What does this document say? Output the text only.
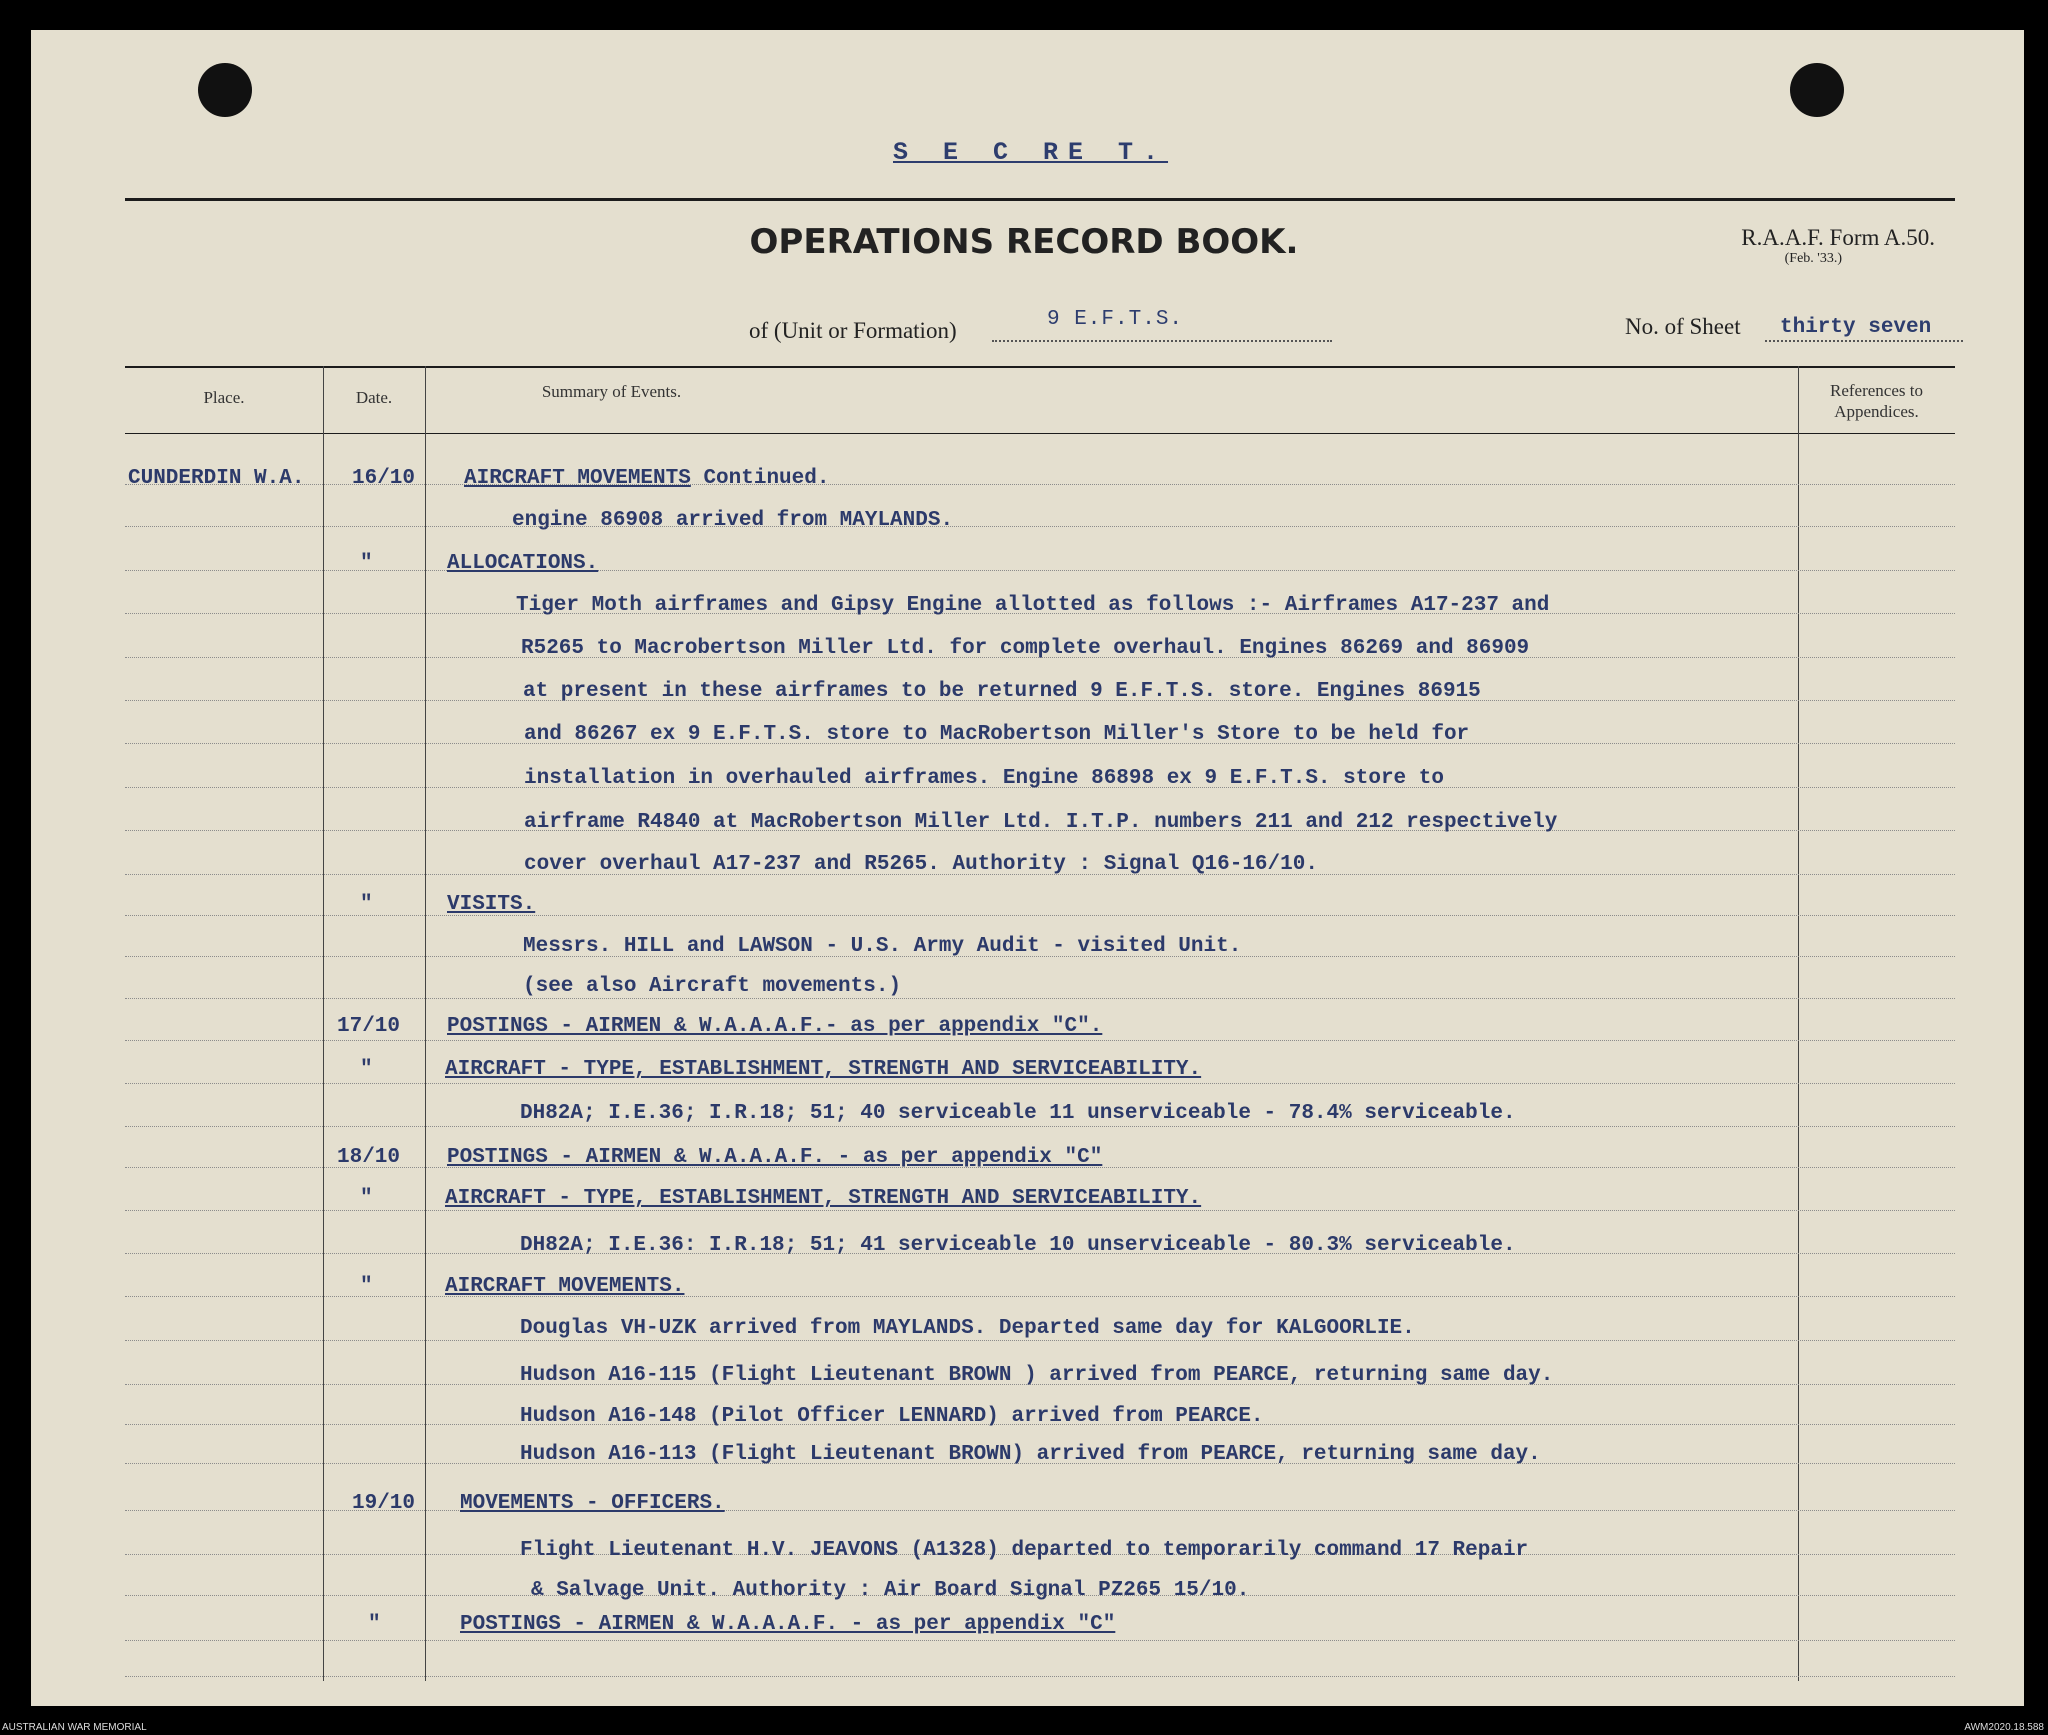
S E C RE T.
OPERATIONS RECORD BOOK.	R.A.A.F. Form A.50.
(Feb. '33.)
of (Unit or Formation)	9 E.F.T.S.	No. of Sheet thirty seven
Place.	Date.	Summary of Events.	References to Appendices.
CUNDERDIN W.A. 16/10 AIRCRAFT MOVEMENTS Continued.
engine 86908 arrived from MAYLANDS.
"	ALLOCATIONS.
Tiger Moth airframes and Gipsy Engine allotted as follows :- Airframes A17-237 and
R5265 to Macrobertson Miller Ltd. for complete overhaul. Engines 86269 and 86909
at present in these airframes to be returned 9 E.F.T.S. store. Engines 86915
and 86267 ex 9 E.F.T.S. store to MacRobertson Miller's Store to be held for
installation in overhauled airframes. Engine 86898 ex 9 E.F.T.S. store to
airframe R4840 at MacRobertson Miller Ltd. I.T.P. numbers 211 and 212 respectively
cover overhaul A17-237 and R5265. Authority : Signal Q16-16/10.
"	VISITS.
Messrs. HILL and LAWSON - U.S. Army Audit - visited Unit.
(see also Aircraft movements.)
17/10 POSTINGS - AIRMEN & W.A.A.A.F.- as per appendix "C".
"	AIRCRAFT - TYPE, ESTABLISHMENT, STRENGTH AND SERVICEABILITY.
DH82A; I.E.36; I.R.18; 51; 40 serviceable 11 unserviceable - 78.4% serviceable.
18/10 POSTINGS - AIRMEN & W.A.A.A.F. - as per appendix "C"
"	AIRCRAFT - TYPE, ESTABLISHMENT, STRENGTH AND SERVICEABILITY.
DH82A; I.E.36: I.R.18; 51; 41 serviceable 10 unserviceable - 80.3% serviceable.
"	AIRCRAFT MOVEMENTS.
Douglas VH-UZK arrived from MAYLANDS. Departed same day for KALGOORLIE.
Hudson A16-115 (Flight Lieutenant BROWN ) arrived from PEARCE, returning same day.
Hudson A16-148 (Pilot Officer LENNARD) arrived from PEARCE.
Hudson A16-113 (Flight Lieutenant BROWN) arrived from PEARCE, returning same day.
19/10 MOVEMENTS - OFFICERS.
Flight Lieutenant H.V. JEAVONS (A1328) departed to temporarily command 17 Repair
& Salvage Unit. Authority : Air Board Signal PZ265 15/10.
"	POSTINGS - AIRMEN & W.A.A.A.F. - as per appendix "C"
AUSTRALIAN WAR MEMORIAL	AWM2020.18.588
